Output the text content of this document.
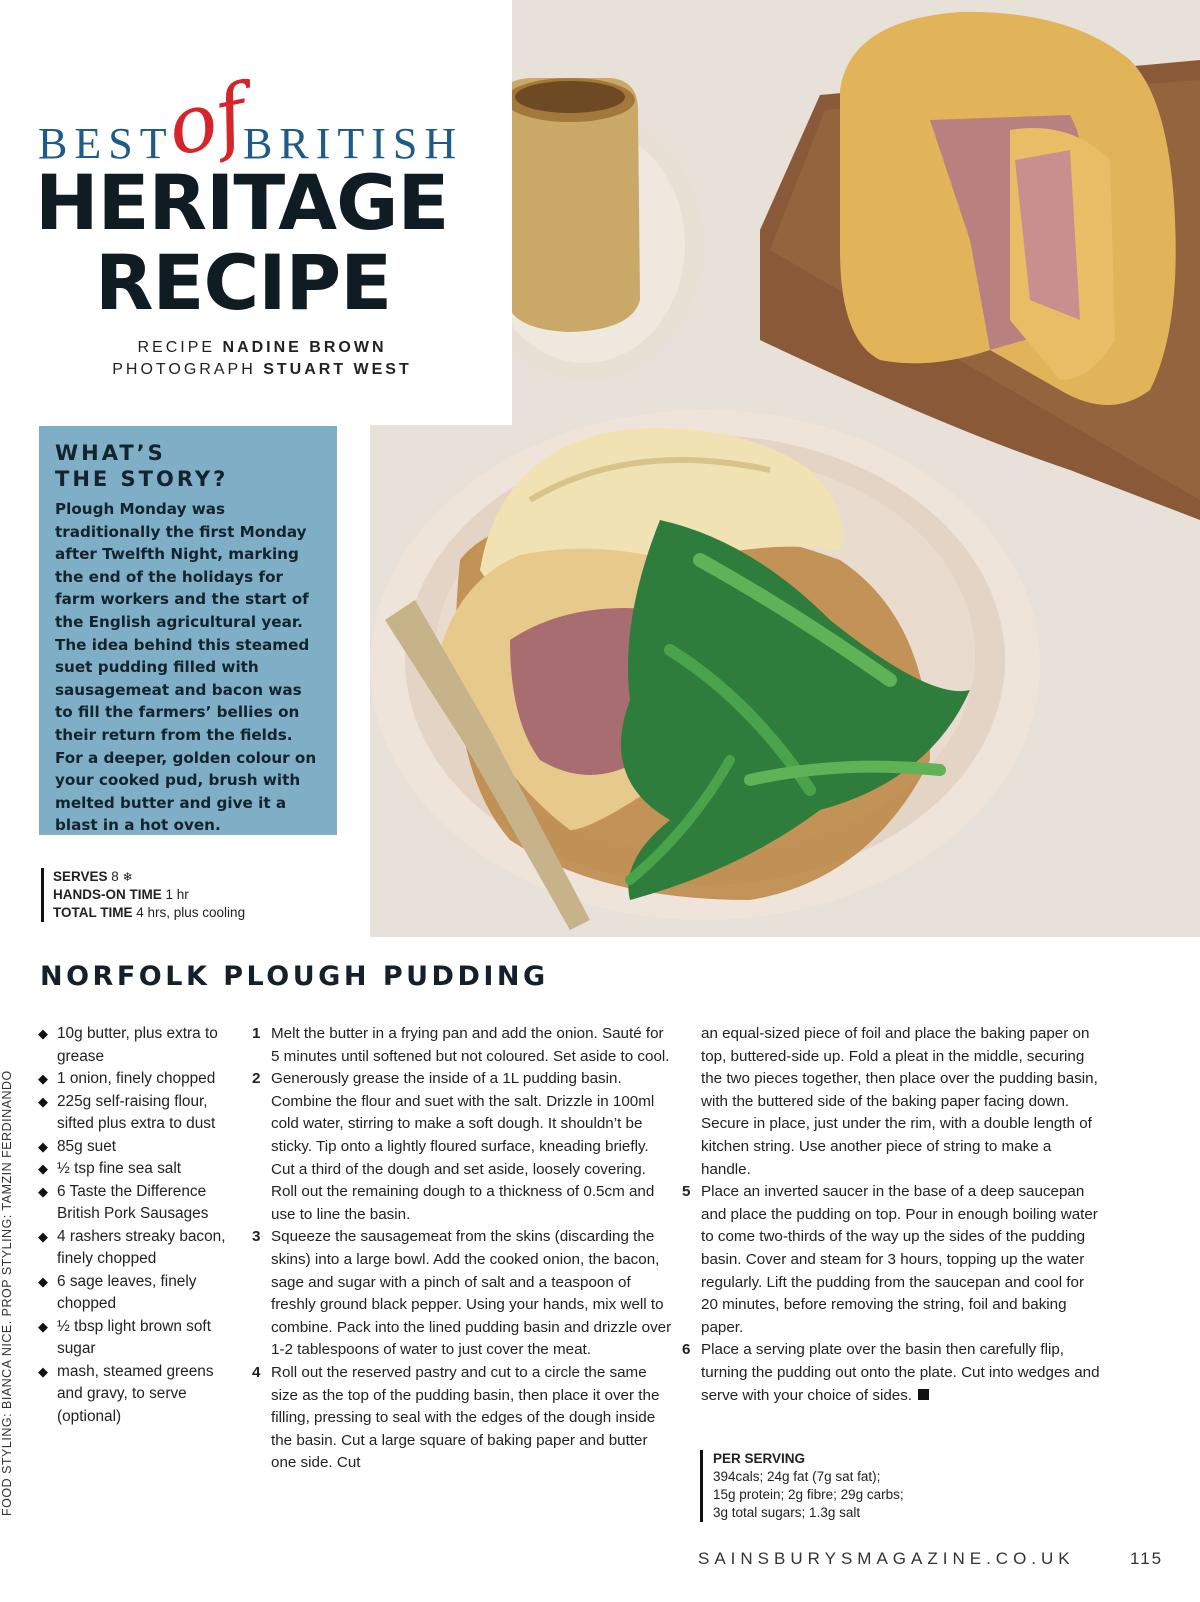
BEST
of
BRITISH
HERITAGE
RECIPE
RECIPE NADINE BROWN
PHOTOGRAPH STUART WEST
WHAT’S
THE STORY?

Plough Monday was traditionally the first Monday after Twelfth Night, marking the end of the holidays for farm workers and the start of the English agricultural year. The idea behind this steamed suet pudding filled with sausagemeat and bacon was to fill the farmers’ bellies on their return from the fields. For a deeper, golden colour on your cooked pud, brush with melted butter and give it a blast in a hot oven.

SERVES 8 ❄
HANDS-ON TIME 1 hr
TOTAL TIME 4 hrs, plus cooling
NORFOLK PLOUGH PUDDING
◆ 10g butter, plus extra to grease
◆ 1 onion, finely chopped
◆ 225g self-raising flour, sifted plus extra to dust
◆ 85g suet
◆ ½ tsp fine sea salt
◆ 6 Taste the Difference British Pork Sausages
◆ 4 rashers streaky bacon, finely chopped
◆ 6 sage leaves, finely chopped
◆ ½ tbsp light brown soft sugar
◆ mash, steamed greens and gravy, to serve (optional)
1 Melt the butter in a frying pan and add the onion. Sauté for 5 minutes until softened but not coloured. Set aside to cool.
2 Generously grease the inside of a 1L pudding basin. Combine the flour and suet with the salt. Drizzle in 100ml cold water, stirring to make a soft dough. It shouldn’t be sticky. Tip onto a lightly floured surface, kneading briefly. Cut a third of the dough and set aside, loosely covering. Roll out the remaining dough to a thickness of 0.5cm and use to line the basin.
3 Squeeze the sausagemeat from the skins (discarding the skins) into a large bowl. Add the cooked onion, the bacon, sage and sugar with a pinch of salt and a teaspoon of freshly ground black pepper. Using your hands, mix well to combine. Pack into the lined pudding basin and drizzle over 1-2 tablespoons of water to just cover the meat.
4 Roll out the reserved pastry and cut to a circle the same size as the top of the pudding basin, then place it over the filling, pressing to seal with the edges of the dough inside the basin. Cut a large square of baking paper and butter one side. Cut
an equal-sized piece of foil and place the baking paper on top, buttered-side up. Fold a pleat in the middle, securing the two pieces together, then place over the pudding basin, with the buttered side of the baking paper facing down. Secure in place, just under the rim, with a double length of kitchen string. Use another piece of string to make a handle.
5 Place an inverted saucer in the base of a deep saucepan and place the pudding on top. Pour in enough boiling water to come two-thirds of the way up the sides of the pudding basin. Cover and steam for 3 hours, topping up the water regularly. Lift the pudding from the saucepan and cool for 20 minutes, before removing the string, foil and baking paper.
6 Place a serving plate over the basin then carefully flip, turning the pudding out onto the plate. Cut into wedges and serve with your choice of sides.
PER SERVING
394cals; 24g fat (7g sat fat);
15g protein; 2g fibre; 29g carbs;
3g total sugars; 1.3g salt
FOOD STYLING: BIANCA NICE. PROP STYLING: TAMZIN FERDINANDO
SAINSBURYSMAGAZINE.CO.UK	115
